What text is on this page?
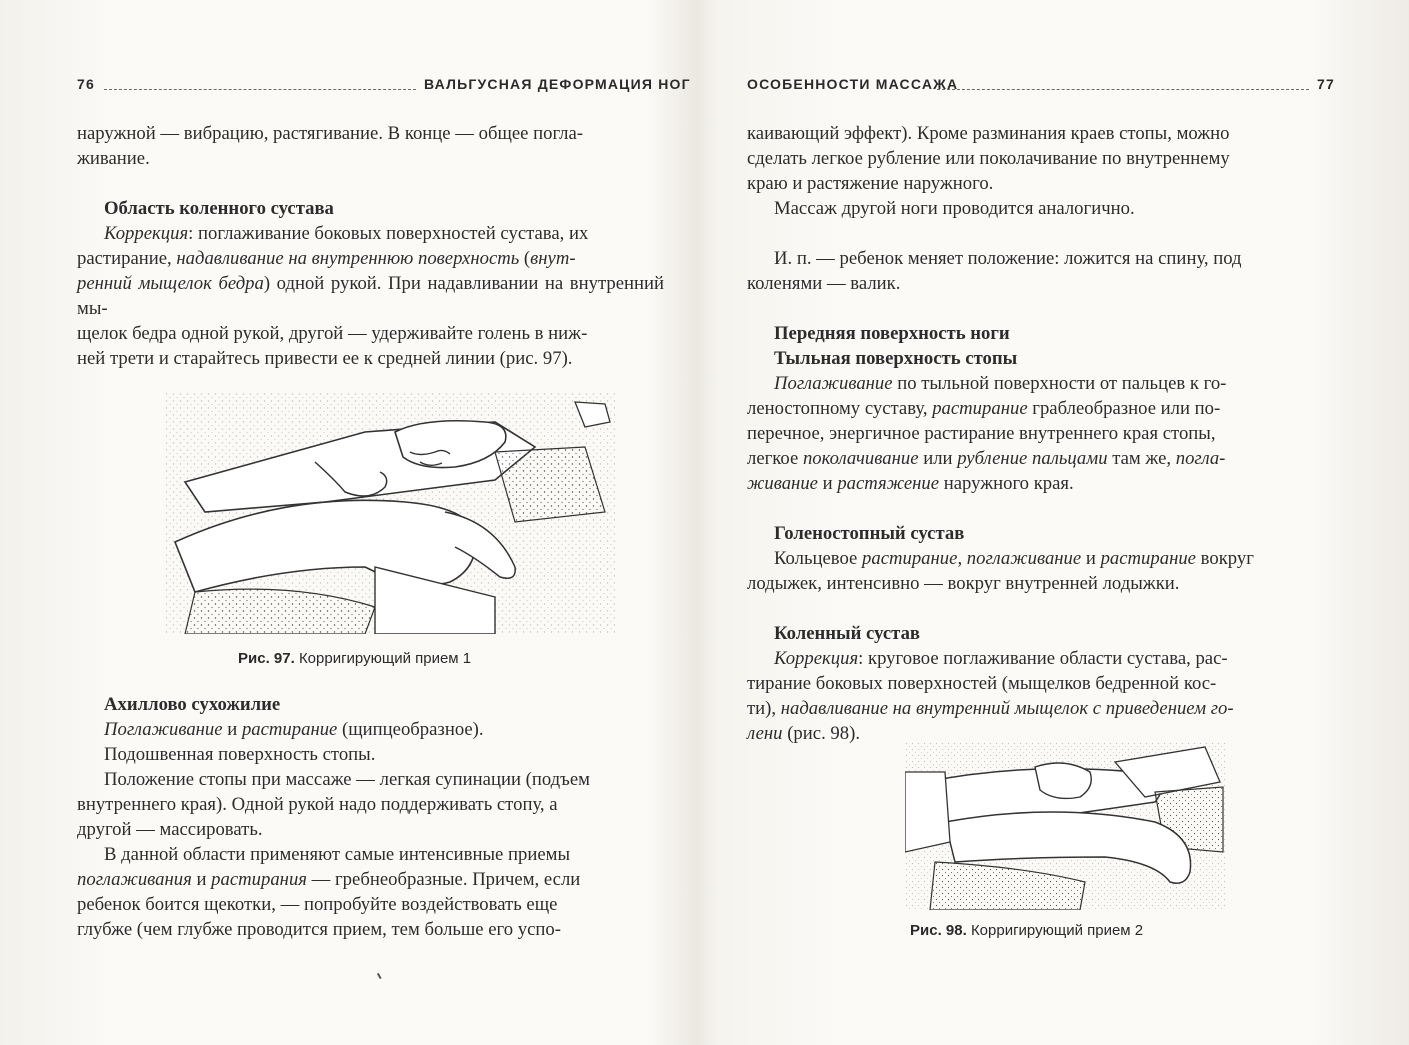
76	ВАЛЬГУСНАЯ ДЕФОРМАЦИЯ НОГ

наружной — вибрацию, растягивание. В конце — общее погла-

живание.

Область коленного сустава

Коррекция: поглаживание боковых поверхностей сустава, их

растирание, надавливание на внутреннюю поверхность (внут-

ренний мыщелок бедра) одной рукой. При надавливании на внутренний мы-

щелок бедра одной рукой, другой — удерживайте голень в ниж-

ней трети и старайтесь привести ее к средней линии (рис. 97).

Рис. 97. Корригирующий прием 1
Ахиллово сухожилие

Поглаживание и растирание (щипцеобразное).

Подошвенная поверхность стопы.

Положение стопы при массаже — легкая супинации (подъем

внутреннего края). Одной рукой надо поддерживать стопу, а

другой — массировать.

В данной области применяют самые интенсивные приемы

поглаживания и растирания — гребнеобразные. Причем, если

ребенок боится щекотки, — попробуйте воздействовать еще

глубже (чем глубже проводится прием, тем больше его успо-

ОСОБЕННОСТИ МАССАЖА	77

каивающий эффект). Кроме разминания краев стопы, можно

сделать легкое рубление или поколачивание по внутреннему

краю и растяжение наружного.

Массаж другой ноги проводится аналогично.

И. п. — ребенок меняет положение: ложится на спину, под

коленями — валик.

Передняя поверхность ноги
Тыльная поверхность стопы

Поглаживание по тыльной поверхности от пальцев к го-

леностопному суставу, растирание граблеобразное или по-

перечное, энергичное растирание внутреннего края стопы,

легкое поколачивание или рубление пальцами там же, погла-

живание и растяжение наружного края.

Голеностопный сустав

Кольцевое растирание, поглаживание и растирание вокруг

лодыжек, интенсивно — вокруг внутренней лодыжки.

Коленный сустав

Коррекция: круговое поглаживание области сустава, рас-

тирание боковых поверхностей (мыщелков бедренной кос-

ти), надавливание на внутренний мыщелок с приведением го-

лени (рис. 98).

Рис. 98. Корригирующий прием 2
